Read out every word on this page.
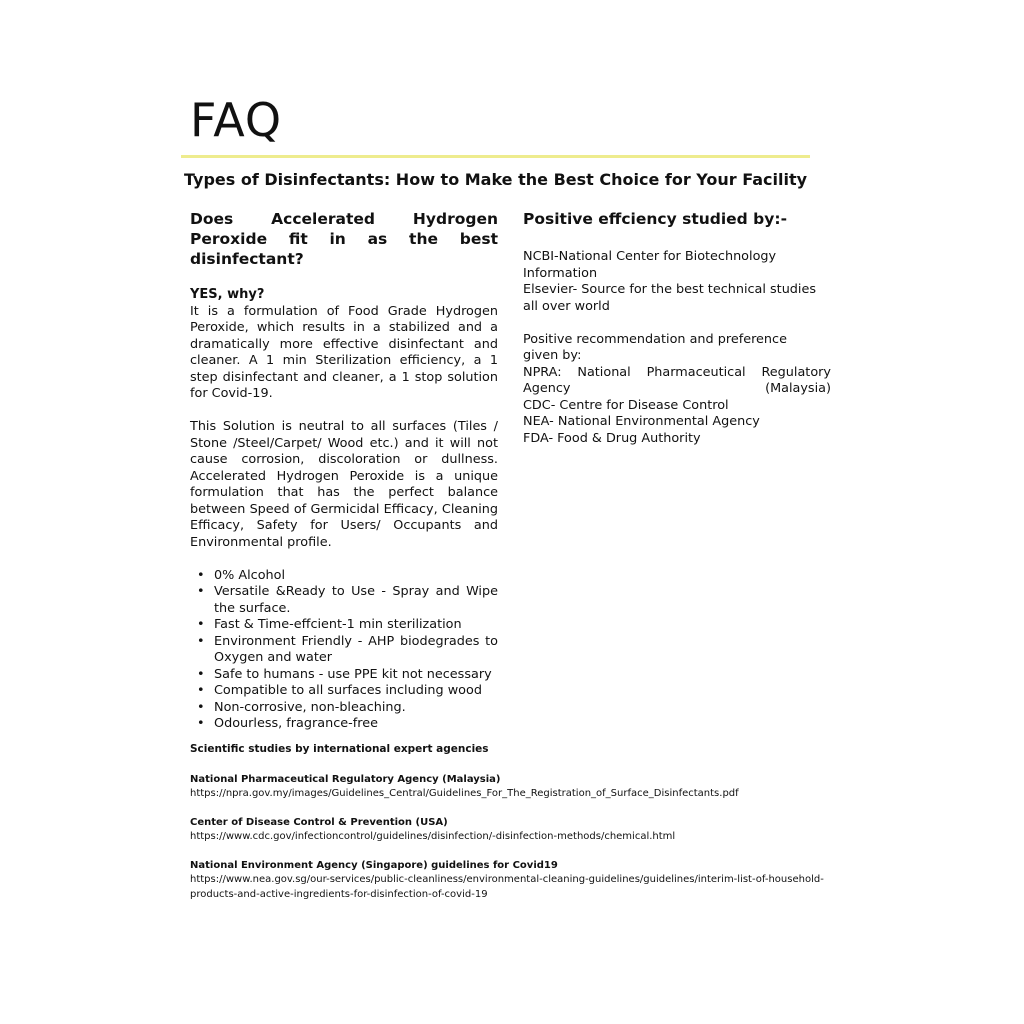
FAQ
Types of Disinfectants: How to Make the Best Choice for Your Facility
Does Accelerated Hydrogen Peroxide fit in as the best disinfectant?

YES, why?

It is a formulation of Food Grade Hydrogen Peroxide, which results in a stabilized and a dramatically more effective disinfectant and cleaner. A 1 min Sterilization efficiency, a 1 step disinfectant and cleaner, a 1 stop solution for Covid-19.

This Solution is neutral to all surfaces (Tiles / Stone /Steel/Carpet/ Wood etc.) and it will not cause corrosion, discoloration or dullness. Accelerated Hydrogen Peroxide is a unique formulation that has the perfect balance between Speed of Germicidal Efficacy, Cleaning Efficacy, Safety for Users/ Occupants and Environmental profile.

• 0% Alcohol
• Versatile &Ready to Use - Spray and Wipe the surface.
• Fast & Time-effcient-1 min sterilization
• Environment Friendly - AHP biodegrades to Oxygen and water
• Safe to humans - use PPE kit not necessary
• Compatible to all surfaces including wood
• Non-corrosive, non-bleaching.
• Odourless, fragrance-free
Positive effciency studied by:-

NCBI-National Center for Biotechnology Information

Elsevier- Source for the best technical studies all over world

Positive recommendation and preference given by:

NPRA: National Pharmaceutical Regulatory Agency (Malaysia)

CDC- Centre for Disease Control

NEA- National Environmental Agency

FDA- Food & Drug Authority

Scientific studies by international expert agencies

National Pharmaceutical Regulatory Agency (Malaysia)

https://npra.gov.my/images/Guidelines_Central/Guidelines_For_The_Registration_of_Surface_Disinfectants.pdf

Center of Disease Control & Prevention (USA)

https://www.cdc.gov/infectioncontrol/guidelines/disinfection/-disinfection-methods/chemical.html

National Environment Agency (Singapore) guidelines for Covid19

https://www.nea.gov.sg/our-services/public-cleanliness/environmental-cleaning-guidelines/guidelines/interim-list-of-household-products-and-active-ingredients-for-disinfection-of-covid-19
